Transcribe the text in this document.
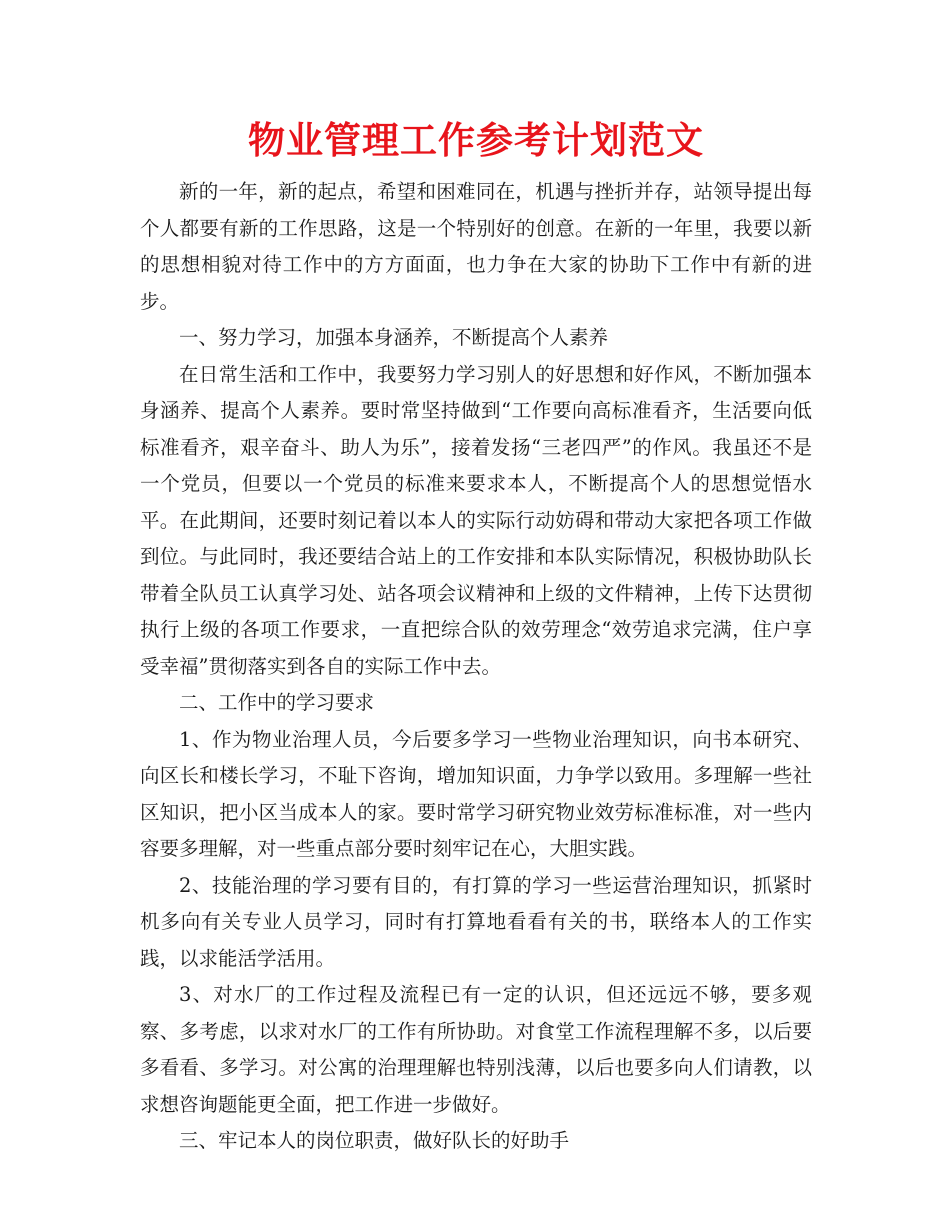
物业管理工作参考计划范文

新的一年，新的起点，希望和困难同在，机遇与挫折并存，站领导提出每个人都要有新的工作思路，这是一个特别好的创意。在新的一年里，我要以新的思想相貌对待工作中的方方面面，也力争在大家的协助下工作中有新的进步。

一、努力学习，加强本身涵养，不断提高个人素养

在日常生活和工作中，我要努力学习别人的好思想和好作风，不断加强本身涵养、提高个人素养。要时常坚持做到“工作要向高标准看齐，生活要向低标准看齐，艰辛奋斗、助人为乐”，接着发扬“三老四严”的作风。我虽还不是一个党员，但要以一个党员的标准来要求本人，不断提高个人的思想觉悟水平。在此期间，还要时刻记着以本人的实际行动妨碍和带动大家把各项工作做到位。与此同时，我还要结合站上的工作安排和本队实际情况，积极协助队长带着全队员工认真学习处、站各项会议精神和上级的文件精神，上传下达贯彻执行上级的各项工作要求，一直把综合队的效劳理念“效劳追求完满，住户享受幸福”贯彻落实到各自的实际工作中去。

二、工作中的学习要求

1、作为物业治理人员，今后要多学习一些物业治理知识，向书本研究、向区长和楼长学习，不耻下咨询，增加知识面，力争学以致用。多理解一些社区知识，把小区当成本人的家。要时常学习研究物业效劳标准标准，对一些内容要多理解，对一些重点部分要时刻牢记在心，大胆实践。

2、技能治理的学习要有目的，有打算的学习一些运营治理知识，抓紧时机多向有关专业人员学习，同时有打算地看看有关的书，联络本人的工作实践，以求能活学活用。

3、对水厂的工作过程及流程已有一定的认识，但还远远不够，要多观察、多考虑，以求对水厂的工作有所协助。对食堂工作流程理解不多，以后要多看看、多学习。对公寓的治理理解也特别浅薄，以后也要多向人们请教，以求想咨询题能更全面，把工作进一步做好。

三、牢记本人的岗位职责，做好队长的好助手
